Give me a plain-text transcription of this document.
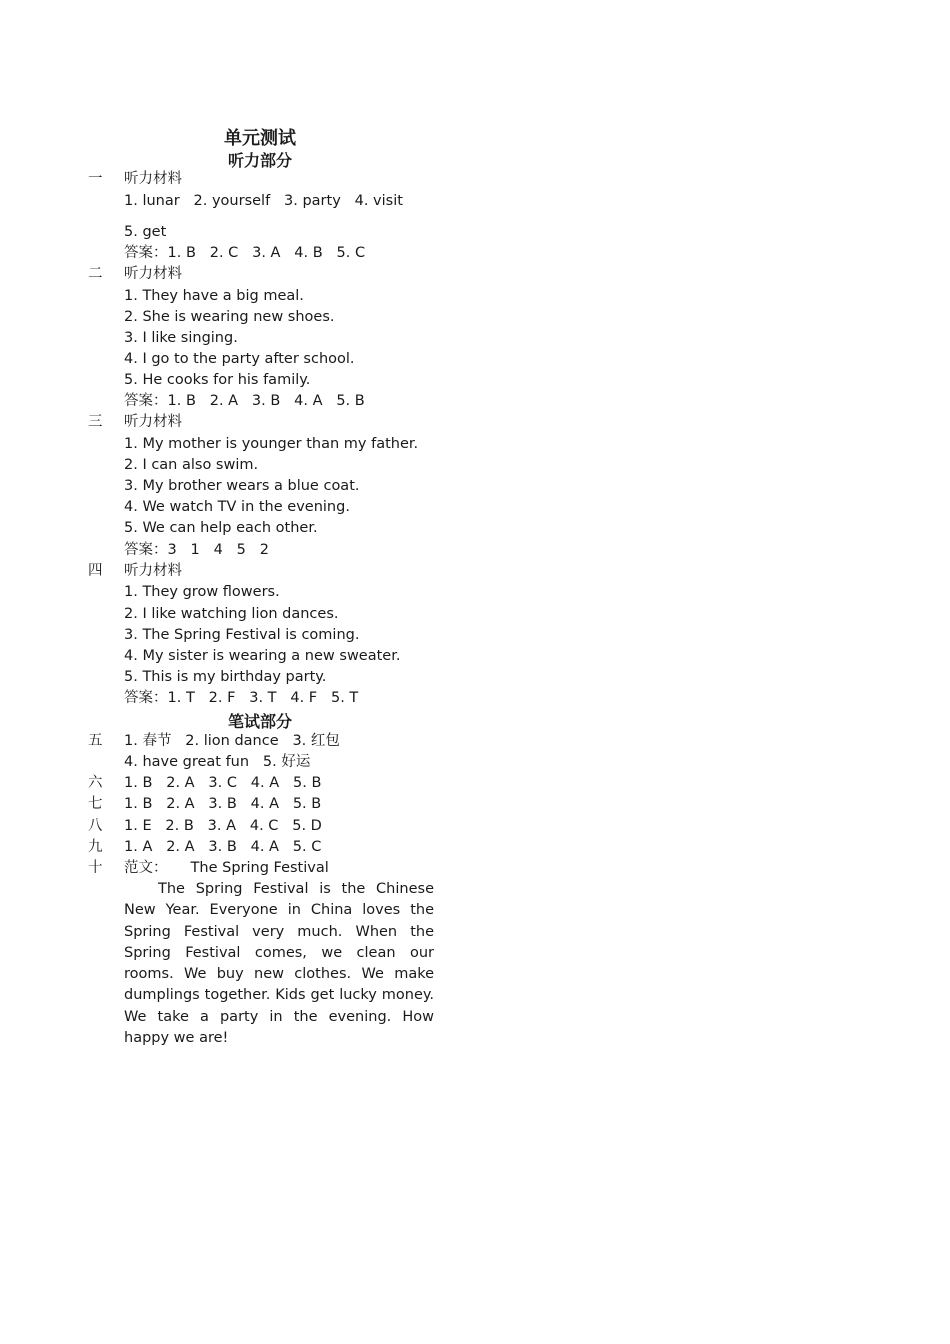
单元测试
听力部分
一 听力材料
1. lunar   2. yourself   3. party   4. visit
5. get
答案：1. B   2. C   3. A   4. B   5. C
二 听力材料
1. They have a big meal.
2. She is wearing new shoes.
3. I like singing.
4. I go to the party after school.
5. He cooks for his family.
答案：1. B   2. A   3. B   4. A   5. B
三 听力材料
1. My mother is younger than my father.
2. I can also swim.
3. My brother wears a blue coat.
4. We watch TV in the evening.
5. We can help each other.
答案：3   1   4   5   2
四 听力材料
1. They grow flowers.
2. I like watching lion dances.
3. The Spring Festival is coming.
4. My sister is wearing a new sweater.
5. This is my birthday party.
答案：1. T   2. F   3. T   4. F   5. T
笔试部分
五 1. 春节   2. lion dance   3. 红包
4. have great fun   5. 好运
六 1. B   2. A   3. C   4. A   5. B
七 1. B   2. A   3. B   4. A   5. B
八 1. E   2. B   3. A   4. C   5. D
九 1. A   2. A   3. B   4. A   5. C
十 范文：     The Spring Festival

The Spring Festival is the Chinese New Year. Everyone in China loves the Spring Festival very much. When the Spring Festival comes, we clean our rooms. We buy new clothes. We make dumplings together. Kids get lucky money. We take a party in the evening. How happy we are!
